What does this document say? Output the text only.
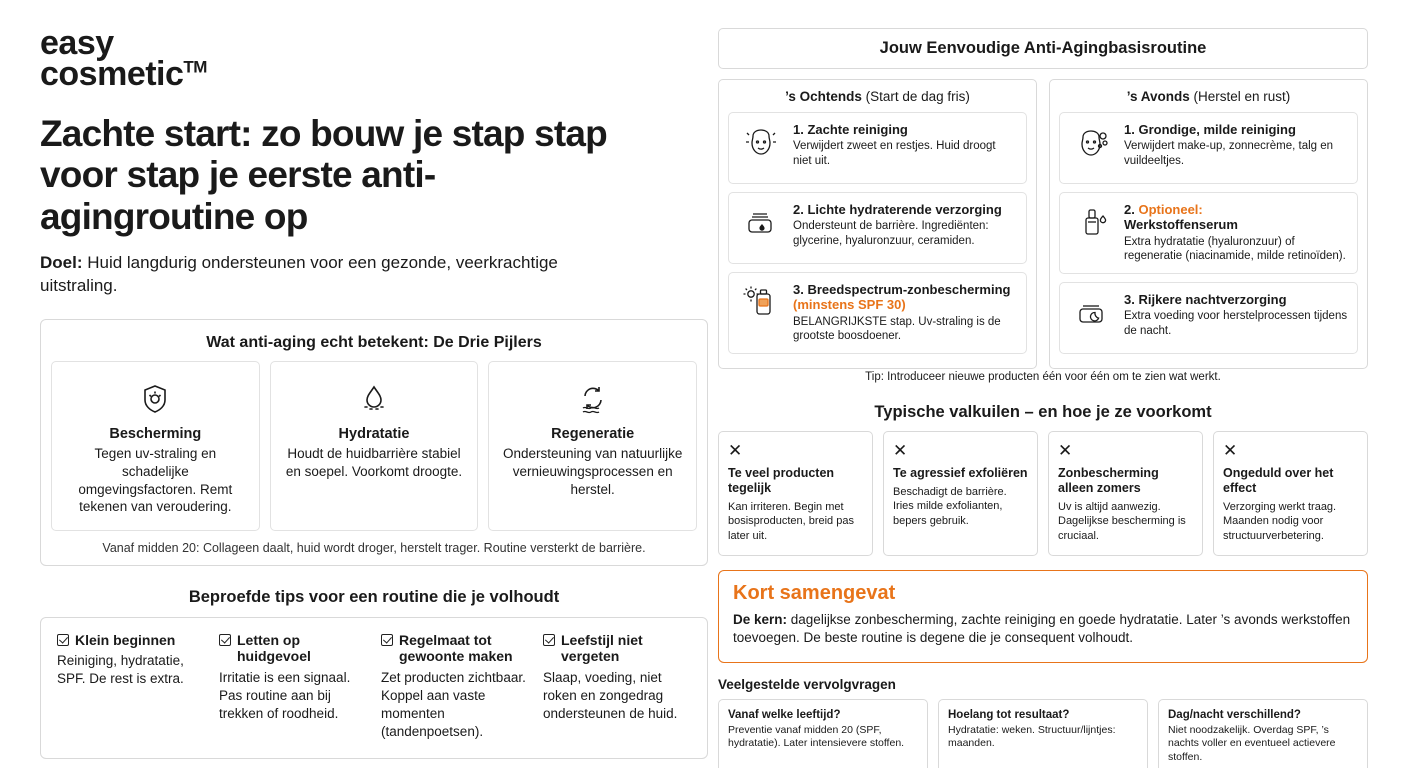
easy
cosmetic™
Zachte start: zo bouw je stap stap voor stap je eerste anti-agingroutine op

Doel: Huid langdurig ondersteunen voor een gezonde, veerkrachtige uitstraling.

Wat anti-aging echt betekent: De Drie Pijlers
Bescherming

Tegen uv-straling en schadelijke omgevingsfactoren. Remt tekenen van veroudering.

Hydratatie

Houdt de huidbarrière stabiel en soepel. Voorkomt droogte.

Regeneratie

Ondersteuning van natuurlijke vernieuwingsprocessen en herstel.

Vanaf midden 20: Collageen daalt, huid wordt droger, herstelt trager. Routine versterkt de barrière.
Beproefde tips voor een routine die je volhoudt
Klein beginnen

Reiniging, hydratatie, SPF. De rest is extra.

Letten op huidgevoel

Irritatie is een signaal. Pas routine aan bij trekken of roodheid.

Regelmaat tot gewoonte maken

Zet producten zichtbaar. Koppel aan vaste momenten (tandenpoetsen).

Leefstijl niet vergeten

Slaap, voeding, niet roken en zongedrag ondersteunen de huid.

Jouw Eenvoudige Anti-Agingbasisroutine
’s Ochtends (Start de dag fris)
1. Zachte reiniging

Verwijdert zweet en restjes. Huid droogt niet uit.

2. Lichte hydraterende verzorging

Ondersteunt de barrière. Ingrediënten: glycerine, hyaluronzuur, ceramiden.

3. Breedspectrum-zonbescherming
(minstens SPF 30)

BELANGRIJKSTE stap. Uv-straling is de grootste boosdoener.

’s Avonds (Herstel en rust)
1. Grondige, milde reiniging

Verwijdert make-up, zonnecrème, talg en vuildeeltjes.

2. Optioneel:
Werkstoffenserum

Extra hydratatie (hyaluronzuur) of regeneratie (niacinamide, milde retinoïden).

3. Rijkere nachtverzorging

Extra voeding voor herstelprocessen tijdens de nacht.

Tip: Introduceer nieuwe producten één voor één om te zien wat werkt.
Typische valkuilen – en hoe je ze voorkomt
✕
Te veel producten tegelijk

Kan irriteren. Begin met bosisproducten, breid pas later uit.

✕
Te agressief exfoliëren

Beschadigt de barrière. Iries milde exfolianten, bepers gebruik.

✕
Zonbescherming alleen zomers

Uv is altijd aanwezig. Dagelijkse bescherming is cruciaal.

✕
Ongeduld over het effect

Verzorging werkt traag. Maanden nodig voor structuurverbetering.

Kort samengevat

De kern: dagelijkse zonbescherming, zachte reiniging en goede hydratatie. Later ’s avonds werkstoffen toevoegen. De beste routine is degene die je consequent volhoudt.

Veelgestelde vervolgvragen
Vanaf welke leeftijd?

Preventie vanaf midden 20 (SPF, hydratatie). Later intensievere stoffen.

Hoelang tot resultaat?

Hydratatie: weken. Structuur/lijntjes: maanden.

Dag/nacht verschillend?

Niet noodzakelijk. Overdag SPF, ’s nachts voller en eventueel actievere stoffen.
